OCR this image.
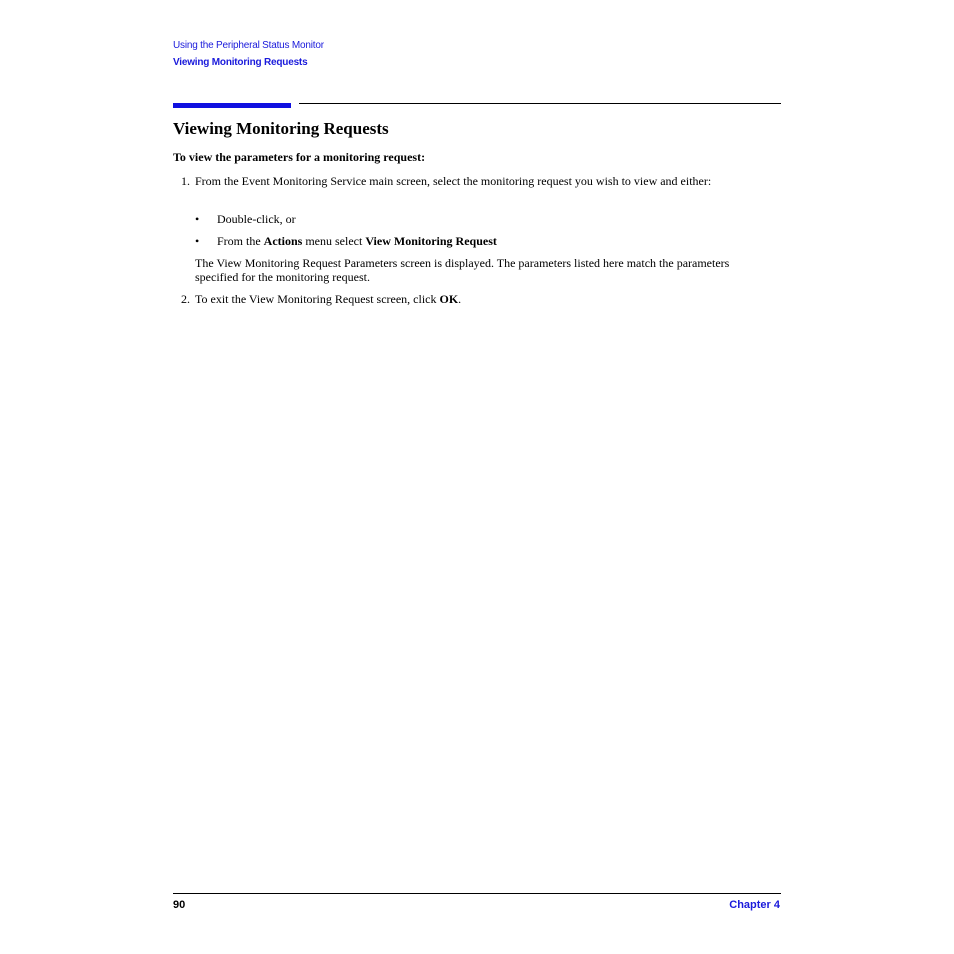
Using the Peripheral Status Monitor
Viewing Monitoring Requests
Viewing Monitoring Requests

To view the parameters for a monitoring request:

1. From the Event Monitoring Service main screen, select the monitoring request you wish to view and either:
• Double-click, or
• From the Actions menu select View Monitoring Request
The View Monitoring Request Parameters screen is displayed. The parameters listed here match the parameters specified for the monitoring request.
2. To exit the View Monitoring Request screen, click OK.
90	Chapter 4
